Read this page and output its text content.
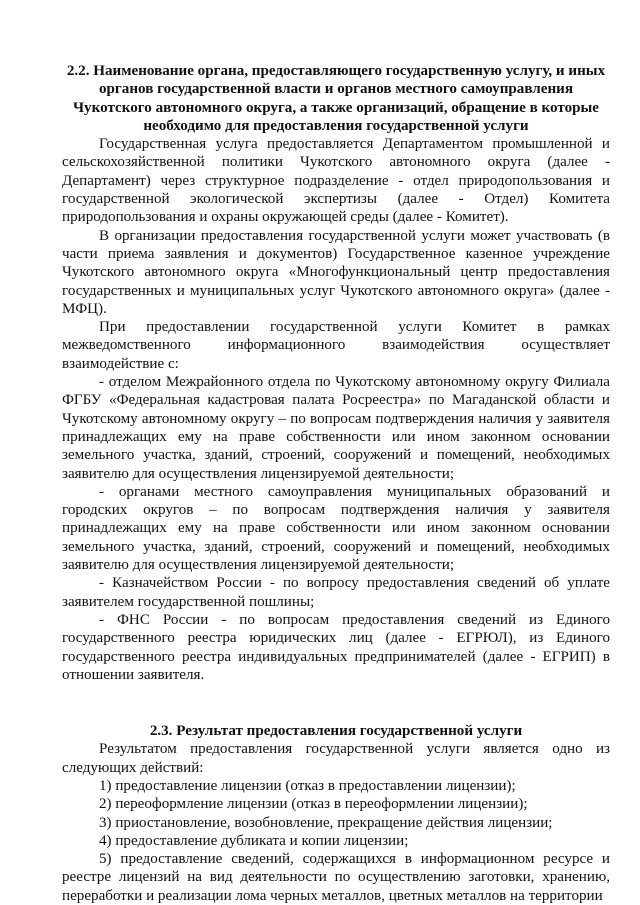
2.2. Наименование органа, предоставляющего государственную услугу, и иных
органов государственной власти и органов местного самоуправления
Чукотского автономного округа, а также организаций, обращение в которые
необходимо для предоставления государственной услуги

Государственная услуга предоставляется Департаментом промышленной и сельскохозяйственной политики Чукотского автономного округа (далее - Департамент) через структурное подразделение - отдел природопользования и государственной экологической экспертизы (далее - Отдел) Комитета природопользования и охраны окружающей среды (далее - Комитет).

В организации предоставления государственной услуги может участвовать (в части приема заявления и документов) Государственное казенное учреждение Чукотского автономного округа «Многофункциональный центр предоставления государственных и муниципальных услуг Чукотского автономного округа» (далее - МФЦ).

При предоставлении государственной услуги Комитет в рамках межведомственного информационного взаимодействия осуществляет взаимодействие с:

- отделом Межрайонного отдела по Чукотскому автономному округу Филиала ФГБУ «Федеральная кадастровая палата Росреестра» по Магаданской области и Чукотскому автономному округу – по вопросам подтверждения наличия у заявителя принадлежащих ему на праве собственности или ином законном основании земельного участка, зданий, строений, сооружений и помещений, необходимых заявителю для осуществления лицензируемой деятельности;

- органами местного самоуправления муниципальных образований и городских округов – по вопросам подтверждения наличия у заявителя принадлежащих ему на праве собственности или ином законном основании земельного участка, зданий, строений, сооружений и помещений, необходимых заявителю для осуществления лицензируемой деятельности;

- Казначейством России - по вопросу предоставления сведений об уплате заявителем государственной пошлины;

- ФНС России - по вопросам предоставления сведений из Единого государственного реестра юридических лиц (далее - ЕГРЮЛ), из Единого государственного реестра индивидуальных предпринимателей (далее - ЕГРИП) в отношении заявителя.

2.3. Результат предоставления государственной услуги

Результатом предоставления государственной услуги является одно из следующих действий:

1) предоставление лицензии (отказ в предоставлении лицензии);

2) переоформление лицензии (отказ в переоформлении лицензии);

3) приостановление, возобновление, прекращение действия лицензии;

4) предоставление дубликата и копии лицензии;

5) предоставление сведений, содержащихся в информационном ресурсе и реестре лицензий на вид деятельности по осуществлению заготовки, хранению, переработки и реализации лома черных металлов, цветных металлов на территории
